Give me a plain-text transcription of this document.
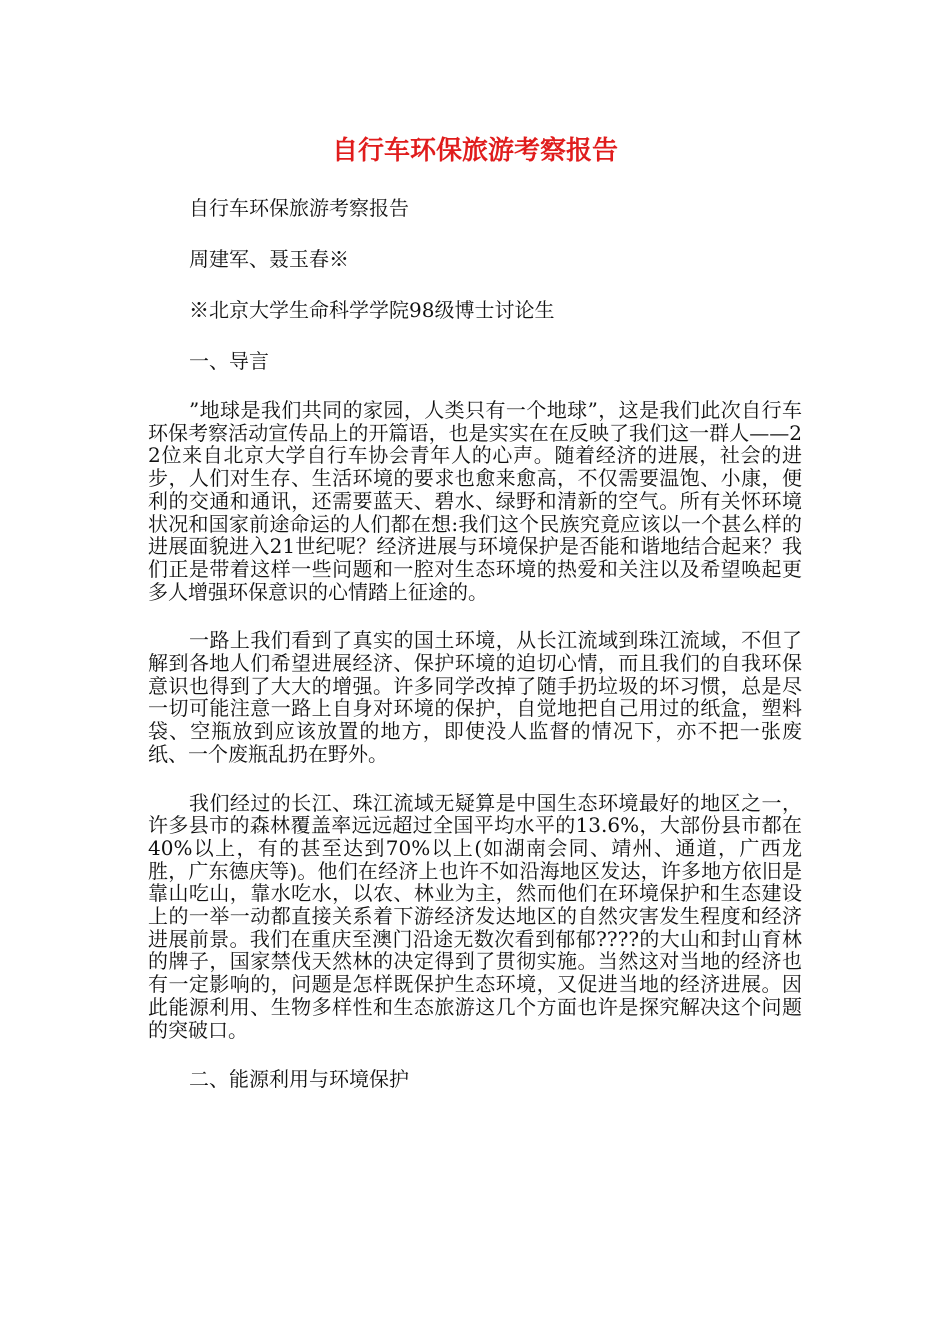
自行车环保旅游考察报告

自行车环保旅游考察报告

周建军、聂玉春※

※北京大学生命科学学院98级博士讨论生

一、导言

”地球是我们共同的家园，人类只有一个地球”，这是我们此次自行车环保考察活动宣传品上的开篇语，也是实实在在反映了我们这一群人——22位来自北京大学自行车协会青年人的心声。随着经济的进展，社会的进步，人们对生存、生活环境的要求也愈来愈高，不仅需要温饱、小康，便利的交通和通讯，还需要蓝天、碧水、绿野和清新的空气。所有关怀环境状况和国家前途命运的人们都在想:我们这个民族究竟应该以一个甚么样的进展面貌进入21世纪呢？经济进展与环境保护是否能和谐地结合起来？我们正是带着这样一些问题和一腔对生态环境的热爱和关注以及希望唤起更多人增强环保意识的心情踏上征途的。

一路上我们看到了真实的国土环境，从长江流域到珠江流域，不但了解到各地人们希望进展经济、保护环境的迫切心情，而且我们的自我环保意识也得到了大大的增强。许多同学改掉了随手扔垃圾的坏习惯，总是尽一切可能注意一路上自身对环境的保护，自觉地把自己用过的纸盒，塑料袋、空瓶放到应该放置的地方，即使没人监督的情况下，亦不把一张废纸、一个废瓶乱扔在野外。

我们经过的长江、珠江流域无疑算是中国生态环境最好的地区之一，许多县市的森林覆盖率远远超过全国平均水平的13.6%，大部份县市都在40%以上，有的甚至达到70%以上(如湖南会同、靖州、通道，广西龙胜，广东德庆等)。他们在经济上也许不如沿海地区发达，许多地方依旧是靠山吃山，靠水吃水，以农、林业为主，然而他们在环境保护和生态建设上的一举一动都直接关系着下游经济发达地区的自然灾害发生程度和经济进展前景。我们在重庆至澳门沿途无数次看到郁郁????的大山和封山育林的牌子，国家禁伐天然林的决定得到了贯彻实施。当然这对当地的经济也有一定影响的，问题是怎样既保护生态环境，又促进当地的经济进展。因此能源利用、生物多样性和生态旅游这几个方面也许是探究解决这个问题的突破口。

二、能源利用与环境保护
